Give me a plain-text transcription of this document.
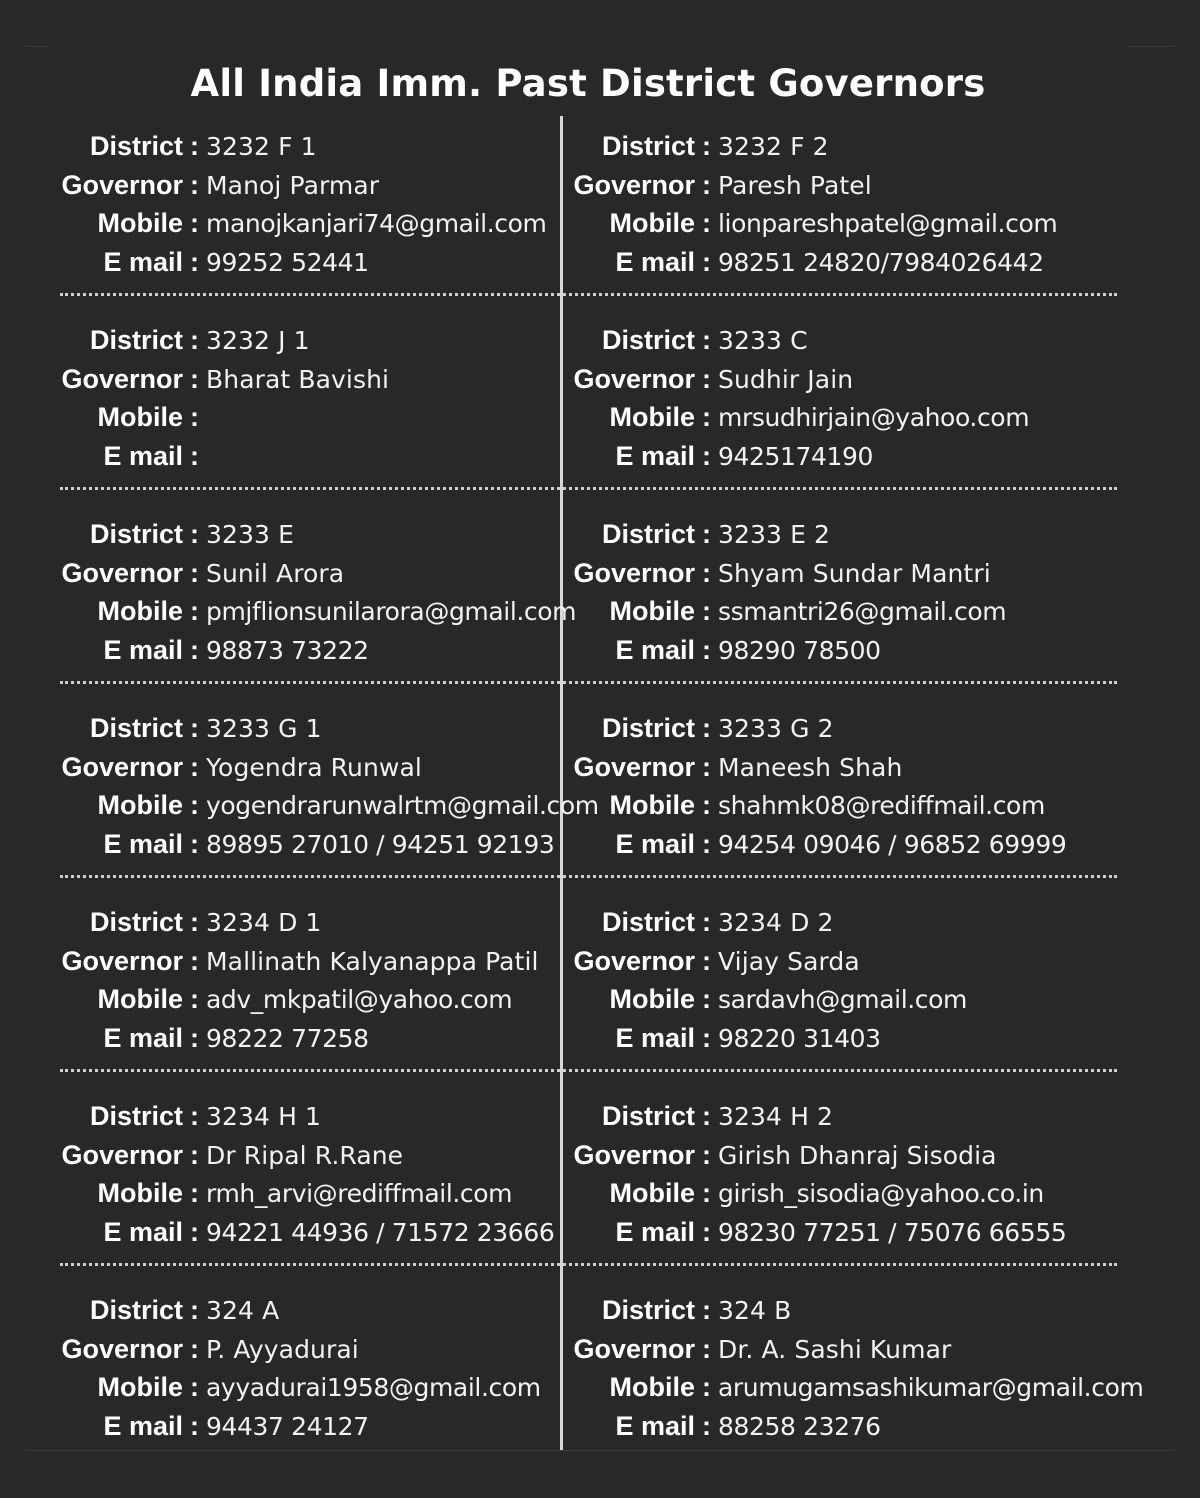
All India Imm. Past District Governors
District : 3232 F 1
Governor : Manoj Parmar
Mobile : manojkanjari74@gmail.com
E mail : 99252 52441
District : 3232 F 2
Governor : Paresh Patel
Mobile : lionpareshpatel@gmail.com
E mail : 98251 24820/7984026442
District : 3232 J 1
Governor : Bharat Bavishi
Mobile :
E mail :
District : 3233 C
Governor : Sudhir Jain
Mobile : mrsudhirjain@yahoo.com
E mail : 9425174190
District : 3233 E
Governor : Sunil Arora
Mobile : pmjflionsunilarora@gmail.com
E mail : 98873 73222
District : 3233 E 2
Governor : Shyam Sundar Mantri
Mobile : ssmantri26@gmail.com
E mail : 98290 78500
District : 3233 G 1
Governor : Yogendra Runwal
Mobile : yogendrarunwalrtm@gmail.com
E mail : 89895 27010 / 94251 92193
District : 3233 G 2
Governor : Maneesh Shah
Mobile : shahmk08@rediffmail.com
E mail : 94254 09046 / 96852 69999
District : 3234 D 1
Governor : Mallinath Kalyanappa Patil
Mobile : adv_mkpatil@yahoo.com
E mail : 98222 77258
District : 3234 D 2
Governor : Vijay Sarda
Mobile : sardavh@gmail.com
E mail : 98220 31403
District : 3234 H 1
Governor : Dr Ripal R.Rane
Mobile : rmh_arvi@rediffmail.com
E mail : 94221 44936 / 71572 23666
District : 3234 H 2
Governor : Girish Dhanraj Sisodia
Mobile : girish_sisodia@yahoo.co.in
E mail : 98230 77251 / 75076 66555
District : 324 A
Governor : P. Ayyadurai
Mobile : ayyadurai1958@gmail.com
E mail : 94437 24127
District : 324 B
Governor : Dr. A. Sashi Kumar
Mobile : arumugamsashikumar@gmail.com
E mail : 88258 23276
